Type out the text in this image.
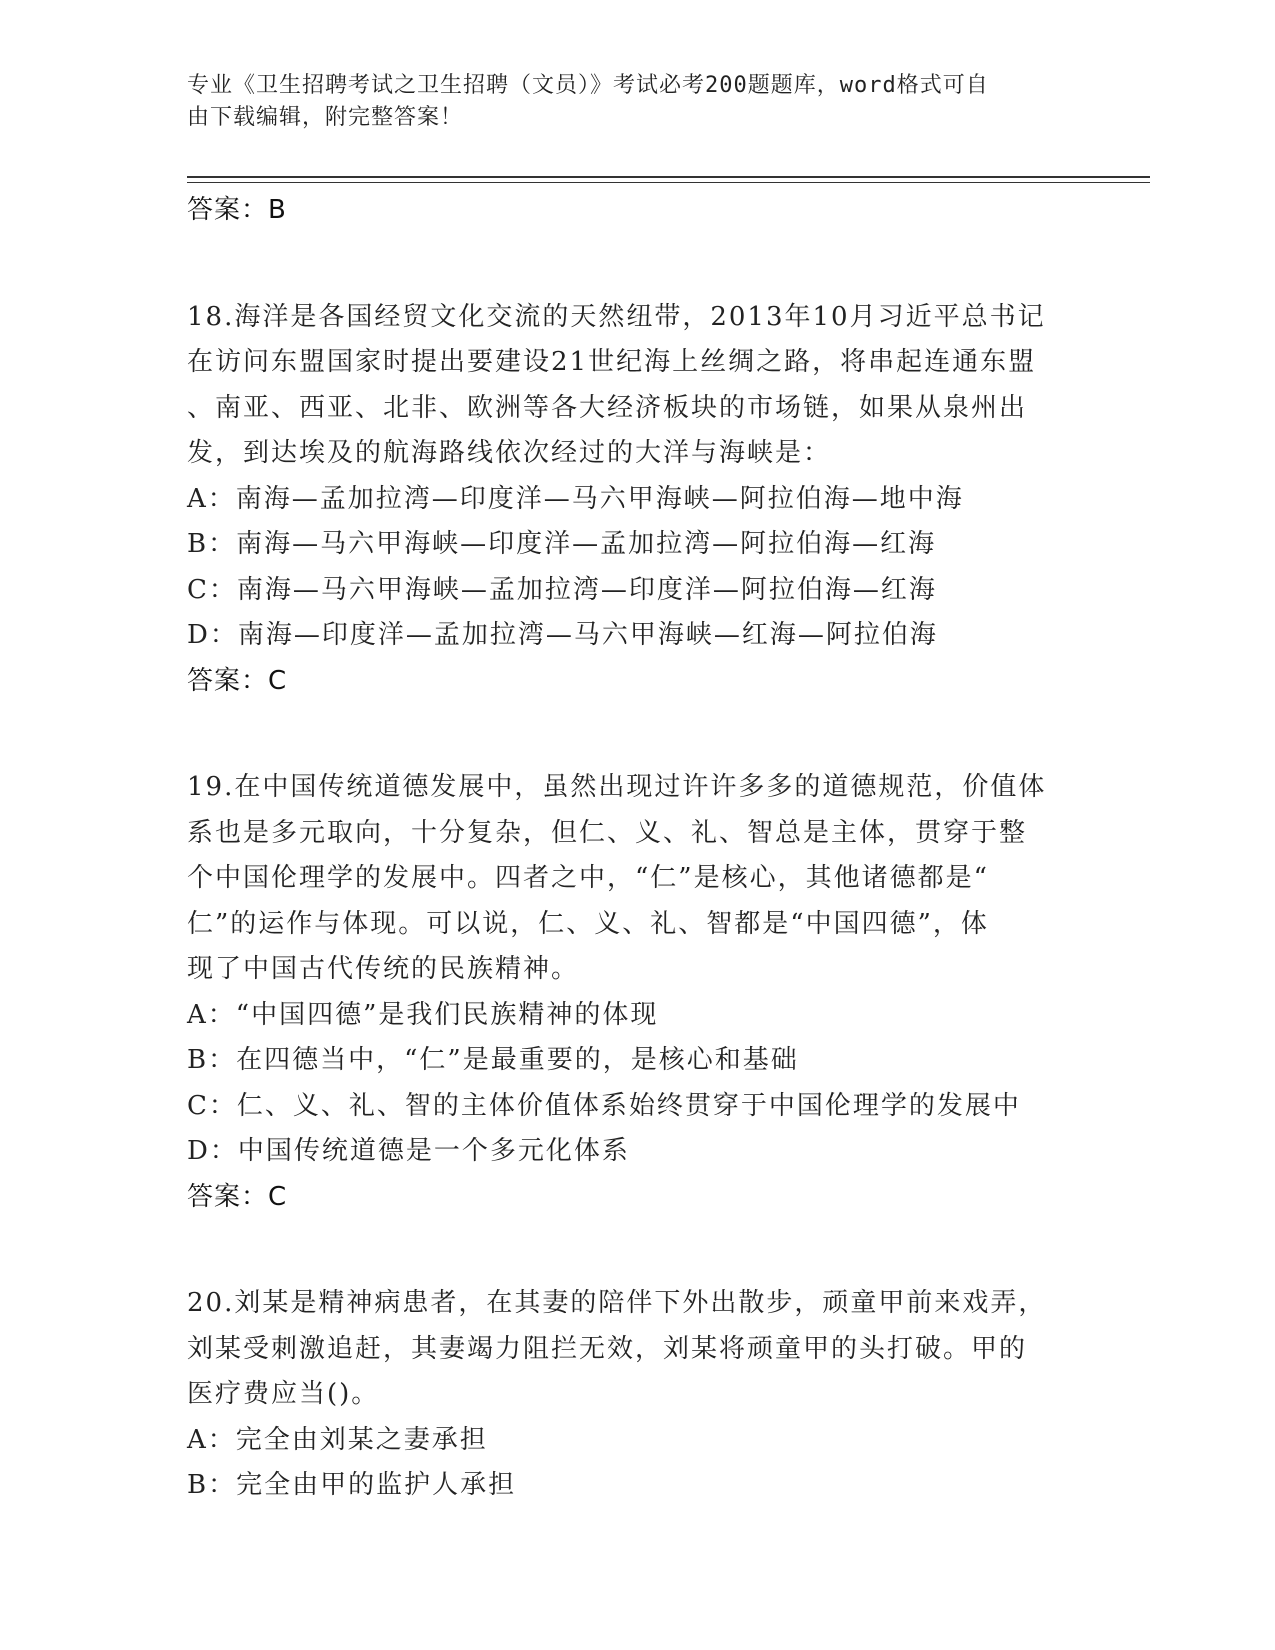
专业《卫生招聘考试之卫生招聘（文员）》考试必考200题题库，word格式可自
由下载编辑，附完整答案！
答案：B
18.海洋是各国经贸文化交流的天然纽带，2013年10月习近平总书记
在访问东盟国家时提出要建设21世纪海上丝绸之路，将串起连通东盟
、南亚、西亚、北非、欧洲等各大经济板块的市场链，如果从泉州出
发，到达埃及的航海路线依次经过的大洋与海峡是：
A：南海—孟加拉湾—印度洋—马六甲海峡—阿拉伯海—地中海
B：南海—马六甲海峡—印度洋—孟加拉湾—阿拉伯海—红海
C：南海—马六甲海峡—孟加拉湾—印度洋—阿拉伯海—红海
D：南海—印度洋—孟加拉湾—马六甲海峡—红海—阿拉伯海
答案：C
19.在中国传统道德发展中，虽然出现过许许多多的道德规范，价值体
系也是多元取向，十分复杂，但仁、义、礼、智总是主体，贯穿于整
个中国伦理学的发展中。四者之中，“仁”是核心，其他诸德都是“
仁”的运作与体现。可以说，仁、义、礼、智都是“中国四德”，体
现了中国古代传统的民族精神。
A：“中国四德”是我们民族精神的体现
B：在四德当中，“仁”是最重要的，是核心和基础
C：仁、义、礼、智的主体价值体系始终贯穿于中国伦理学的发展中
D：中国传统道德是一个多元化体系
答案：C
20.刘某是精神病患者，在其妻的陪伴下外出散步，顽童甲前来戏弄，
刘某受刺激追赶，其妻竭力阻拦无效，刘某将顽童甲的头打破。甲的
医疗费应当()。
A：完全由刘某之妻承担
B：完全由甲的监护人承担
